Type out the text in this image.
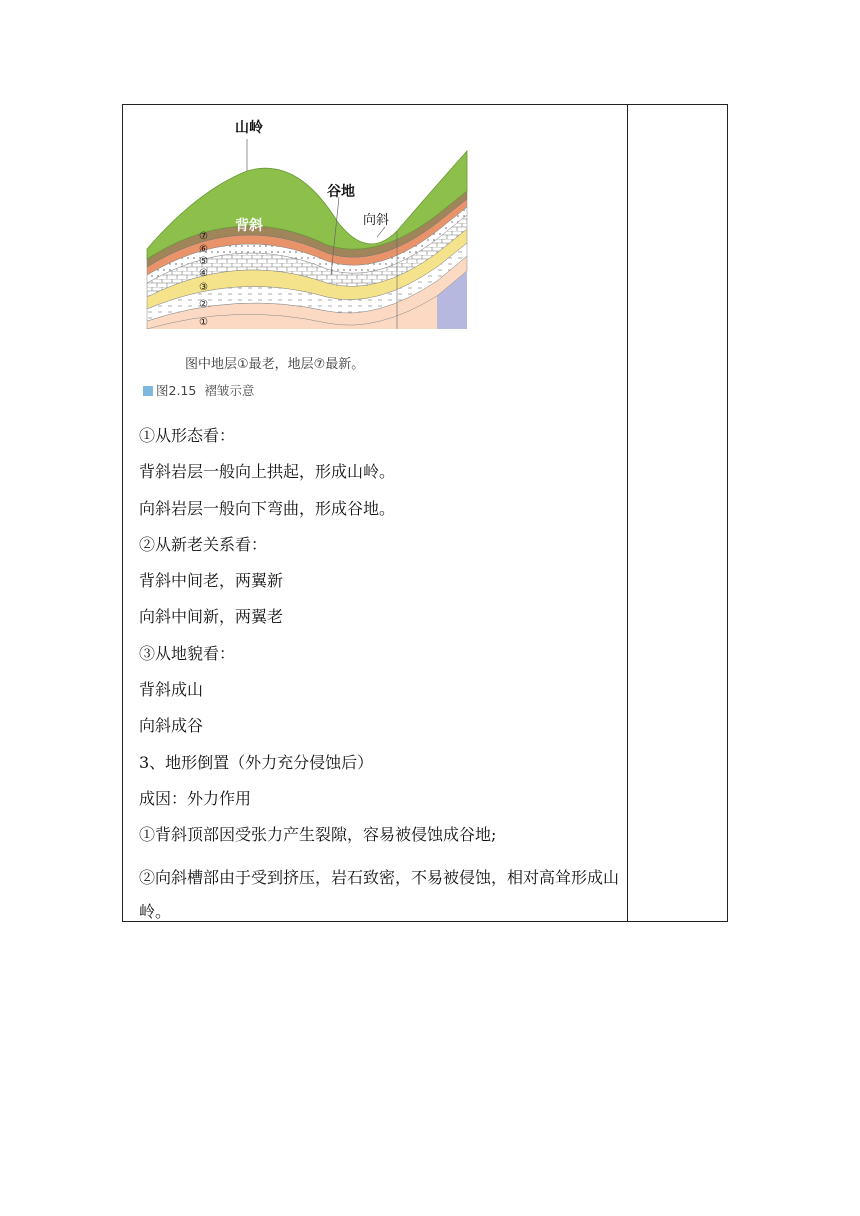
山岭
谷地
背斜	向斜
⑦
⑥
⑤
④
③
②
①
图中地层①最老，地层⑦最新。
图2.15 褶皱示意

①从形态看：

背斜岩层一般向上拱起，形成山岭。

向斜岩层一般向下弯曲，形成谷地。

②从新老关系看：

背斜中间老，两翼新

向斜中间新，两翼老

③从地貌看：

背斜成山

向斜成谷

3、地形倒置（外力充分侵蚀后）

成因：外力作用

①背斜顶部因受张力产生裂隙，容易被侵蚀成谷地;

②向斜槽部由于受到挤压，岩石致密，不易被侵蚀，相对高耸形成山岭。
